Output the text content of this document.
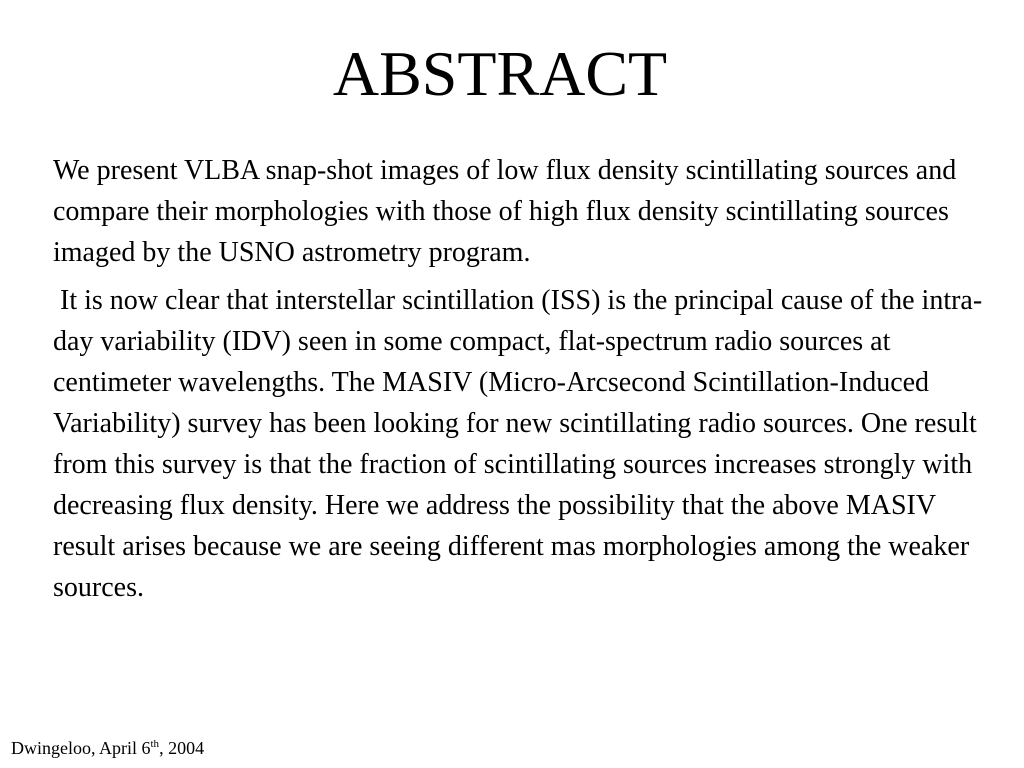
ABSTRACT

We present VLBA snap-shot images of low flux density scintillating sources and compare their morphologies with those of high flux density scintillating sources imaged by the USNO astrometry program.

It is now clear that interstellar scintillation (ISS) is the principal cause of the intra-day variability (IDV) seen in some compact, flat-spectrum radio sources at centimeter wavelengths. The MASIV (Micro-Arcsecond Scintillation-Induced Variability) survey has been looking for new scintillating radio sources. One result from this survey is that the fraction of scintillating sources increases strongly with decreasing flux density. Here we address the possibility that the above MASIV result arises because we are seeing different mas morphologies among the weaker sources.

Dwingeloo, April 6th, 2004
